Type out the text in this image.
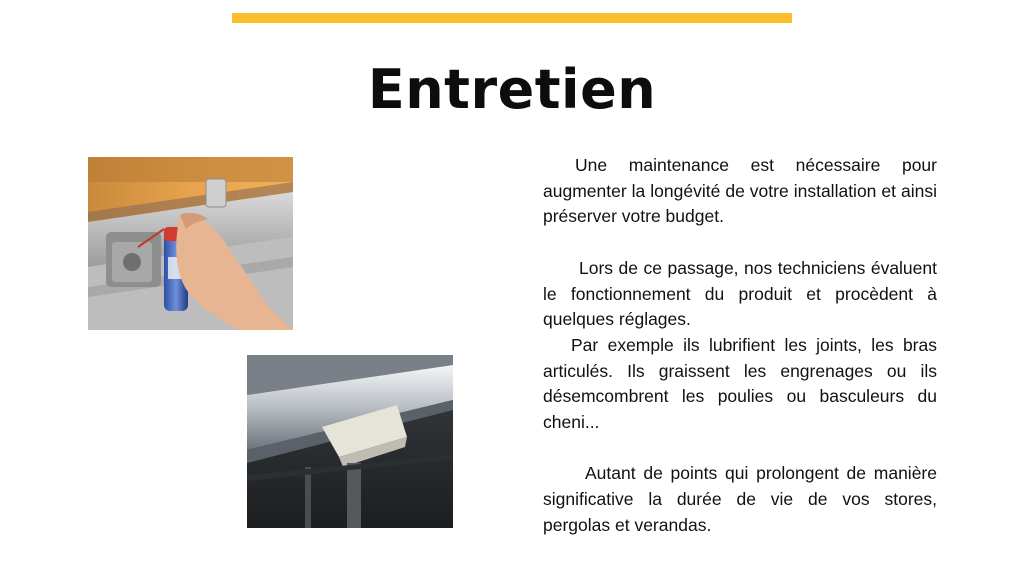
Entretien

Une maintenance est nécessaire pour augmenter la longévité de votre installation et ainsi préserver votre budget.

Lors de ce passage, nos techniciens évaluent le fonctionnement du produit et procèdent à quelques réglages.

Par exemple ils lubrifient les joints, les bras articulés. Ils graissent les engrenages ou ils désemcombrent les poulies ou basculeurs du cheni...

Autant de points qui prolongent de manière significative la durée de vie de vos stores, pergolas et verandas.
